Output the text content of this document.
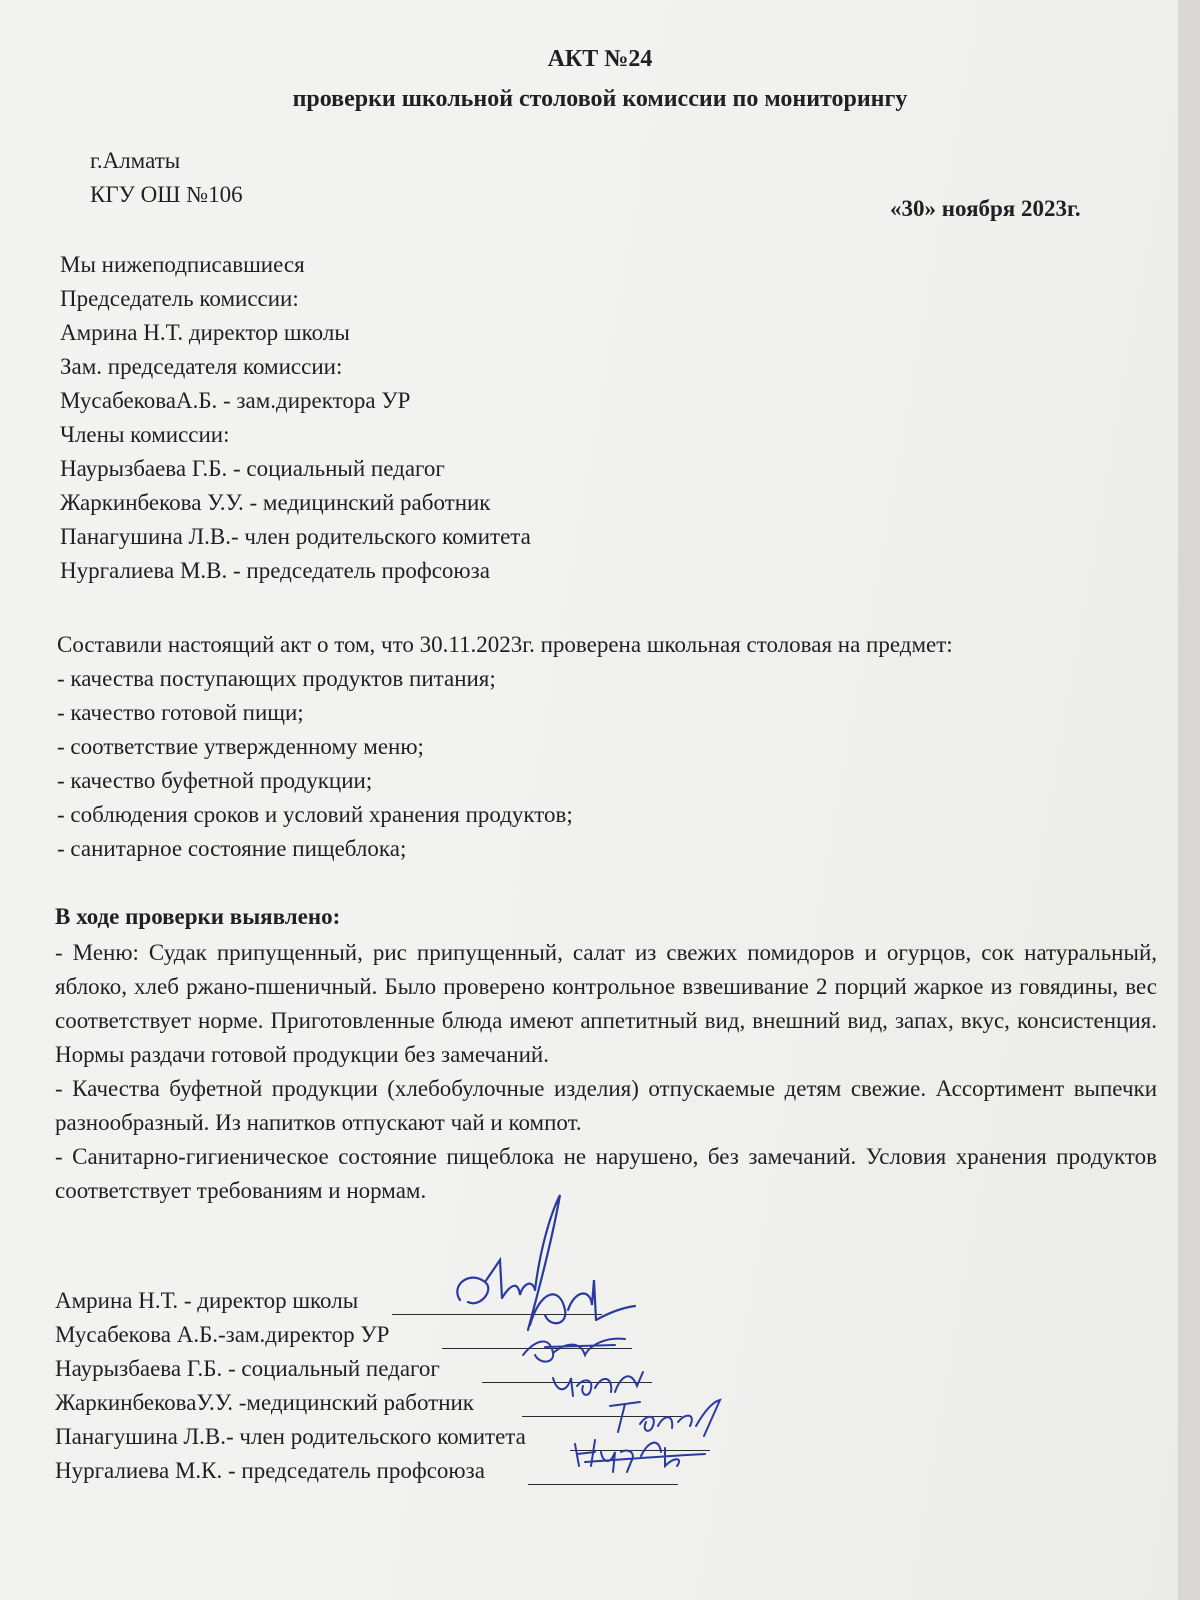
АКТ №24
проверки школьной столовой комиссии по мониторингу
г.Алматы
КГУ ОШ №106
«30» ноября 2023г.
Мы нижеподписавшиеся
Председатель комиссии:
Амрина Н.Т. директор школы
Зам. председателя комиссии:
МусабековаА.Б. - зам.директора УР
Члены комиссии:
Наурызбаева Г.Б. - социальный педагог
Жаркинбекова У.У. - медицинский работник
Панагушина Л.В.- член родительского комитета
Нургалиева М.В. - председатель профсоюза
Составили настоящий акт о том, что 30.11.2023г. проверена школьная столовая на предмет:
- качества поступающих продуктов питания;
- качество готовой пищи;
- соответствие утвержденному меню;
- качество буфетной продукции;
- соблюдения сроков и условий хранения продуктов;
- санитарное состояние пищеблока;
В ходе проверки выявлено:
- Меню: Судак припущенный, рис припущенный, салат из свежих помидоров и огурцов, сок натуральный, яблоко, хлеб ржано-пшеничный. Было проверено контрольное взвешивание 2 порций жаркое из говядины, вес соответствует норме. Приготовленные блюда имеют аппетитный вид, внешний вид, запах, вкус, консистенция. Нормы раздачи готовой продукции без замечаний.
- Качества буфетной продукции (хлебобулочные изделия) отпускаемые детям свежие. Ассортимент выпечки разнообразный. Из напитков отпускают чай и компот.
- Санитарно-гигиеническое состояние пищеблока не нарушено, без замечаний. Условия хранения продуктов соответствует требованиям и нормам.
Амрина Н.Т. - директор школы
Мусабекова А.Б.-зам.директор УР
Наурызбаева Г.Б. - социальный педагог
ЖаркинбековаУ.У. -медицинский работник
Панагушина Л.В.- член родительского комитета
Нургалиева М.К. - председатель профсоюза
